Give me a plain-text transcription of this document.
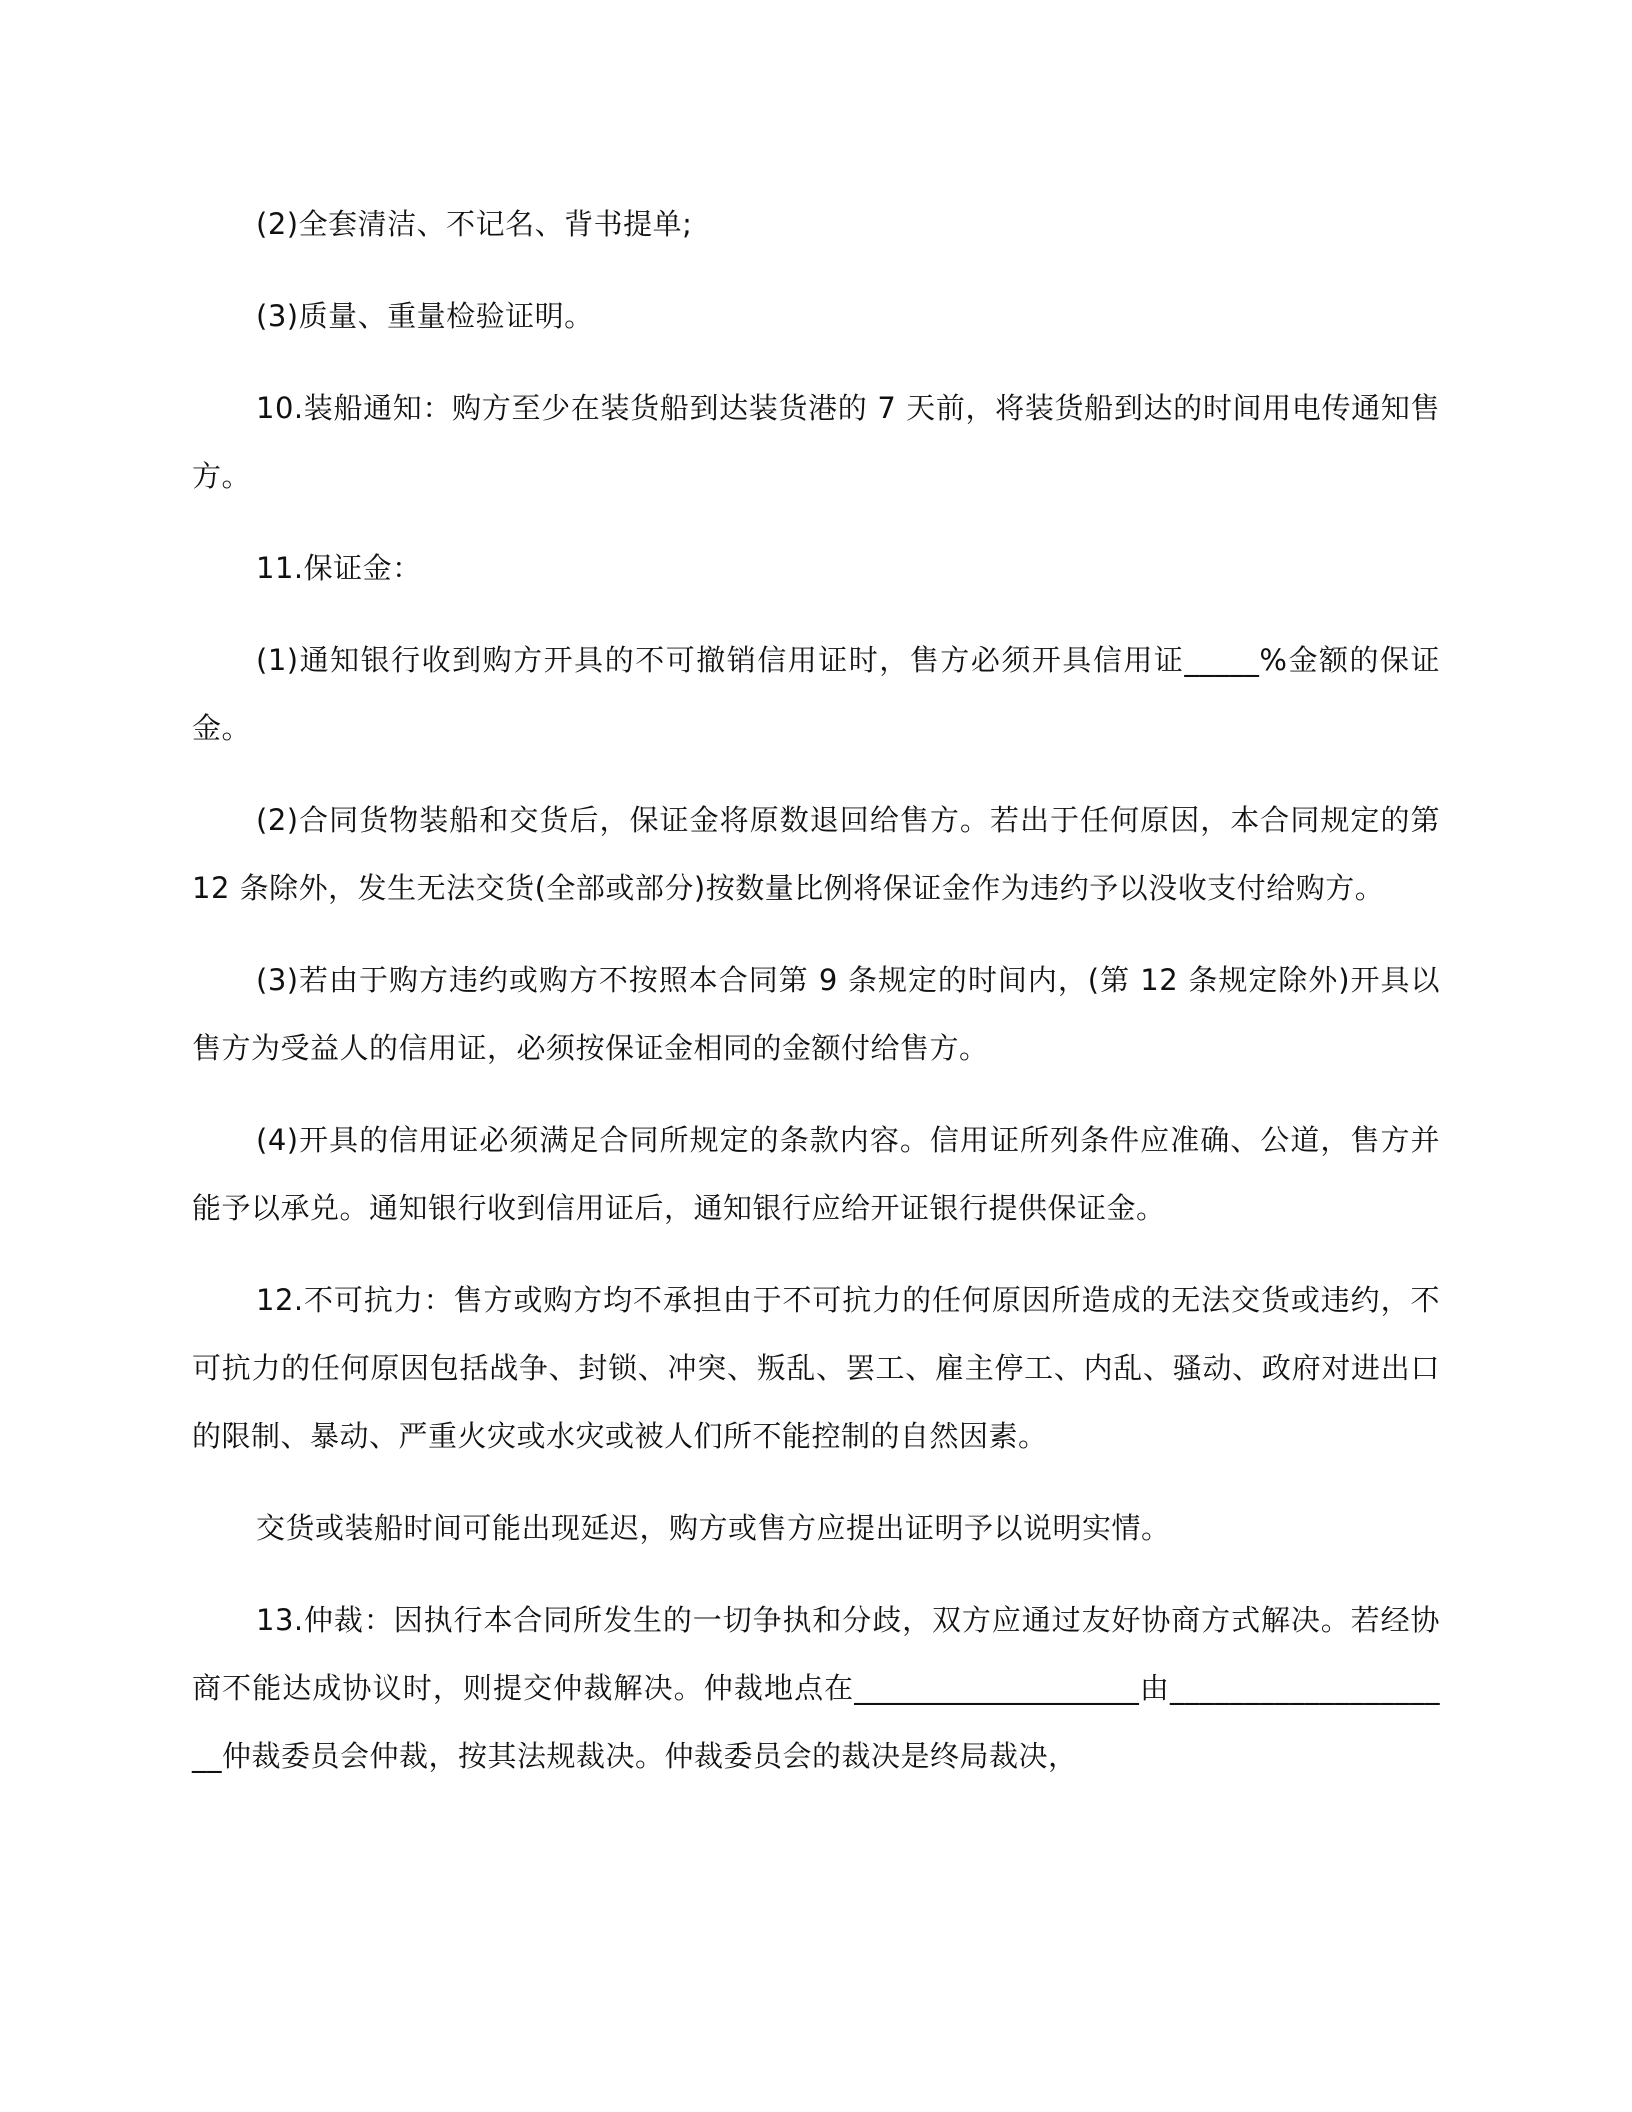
(2)全套清洁、不记名、背书提单;

(3)质量、重量检验证明。

10.装船通知：购方至少在装货船到达装货港的 7 天前，将装货船到达的时间用电传通知售方。

11.保证金：

(1)通知银行收到购方开具的不可撤销信用证时，售方必须开具信用证_____%金额的保证金。

(2)合同货物装船和交货后，保证金将原数退回给售方。若出于任何原因，本合同规定的第 12 条除外，发生无法交货(全部或部分)按数量比例将保证金作为违约予以没收支付给购方。

(3)若由于购方违约或购方不按照本合同第 9 条规定的时间内，(第 12 条规定除外)开具以售方为受益人的信用证，必须按保证金相同的金额付给售方。

(4)开具的信用证必须满足合同所规定的条款内容。信用证所列条件应准确、公道，售方并能予以承兑。通知银行收到信用证后，通知银行应给开证银行提供保证金。

12.不可抗力：售方或购方均不承担由于不可抗力的任何原因所造成的无法交货或违约，不可抗力的任何原因包括战争、封锁、冲突、叛乱、罢工、雇主停工、内乱、骚动、政府对进出口的限制、暴动、严重火灾或水灾或被人们所不能控制的自然因素。

交货或装船时间可能出现延迟，购方或售方应提出证明予以说明实情。

13.仲裁：因执行本合同所发生的一切争执和分歧，双方应通过友好协商方式解决。若经协商不能达成协议时，则提交仲裁解决。仲裁地点在___________________由____________________仲裁委员会仲裁，按其法规裁决。仲裁委员会的裁决是终局裁决，
